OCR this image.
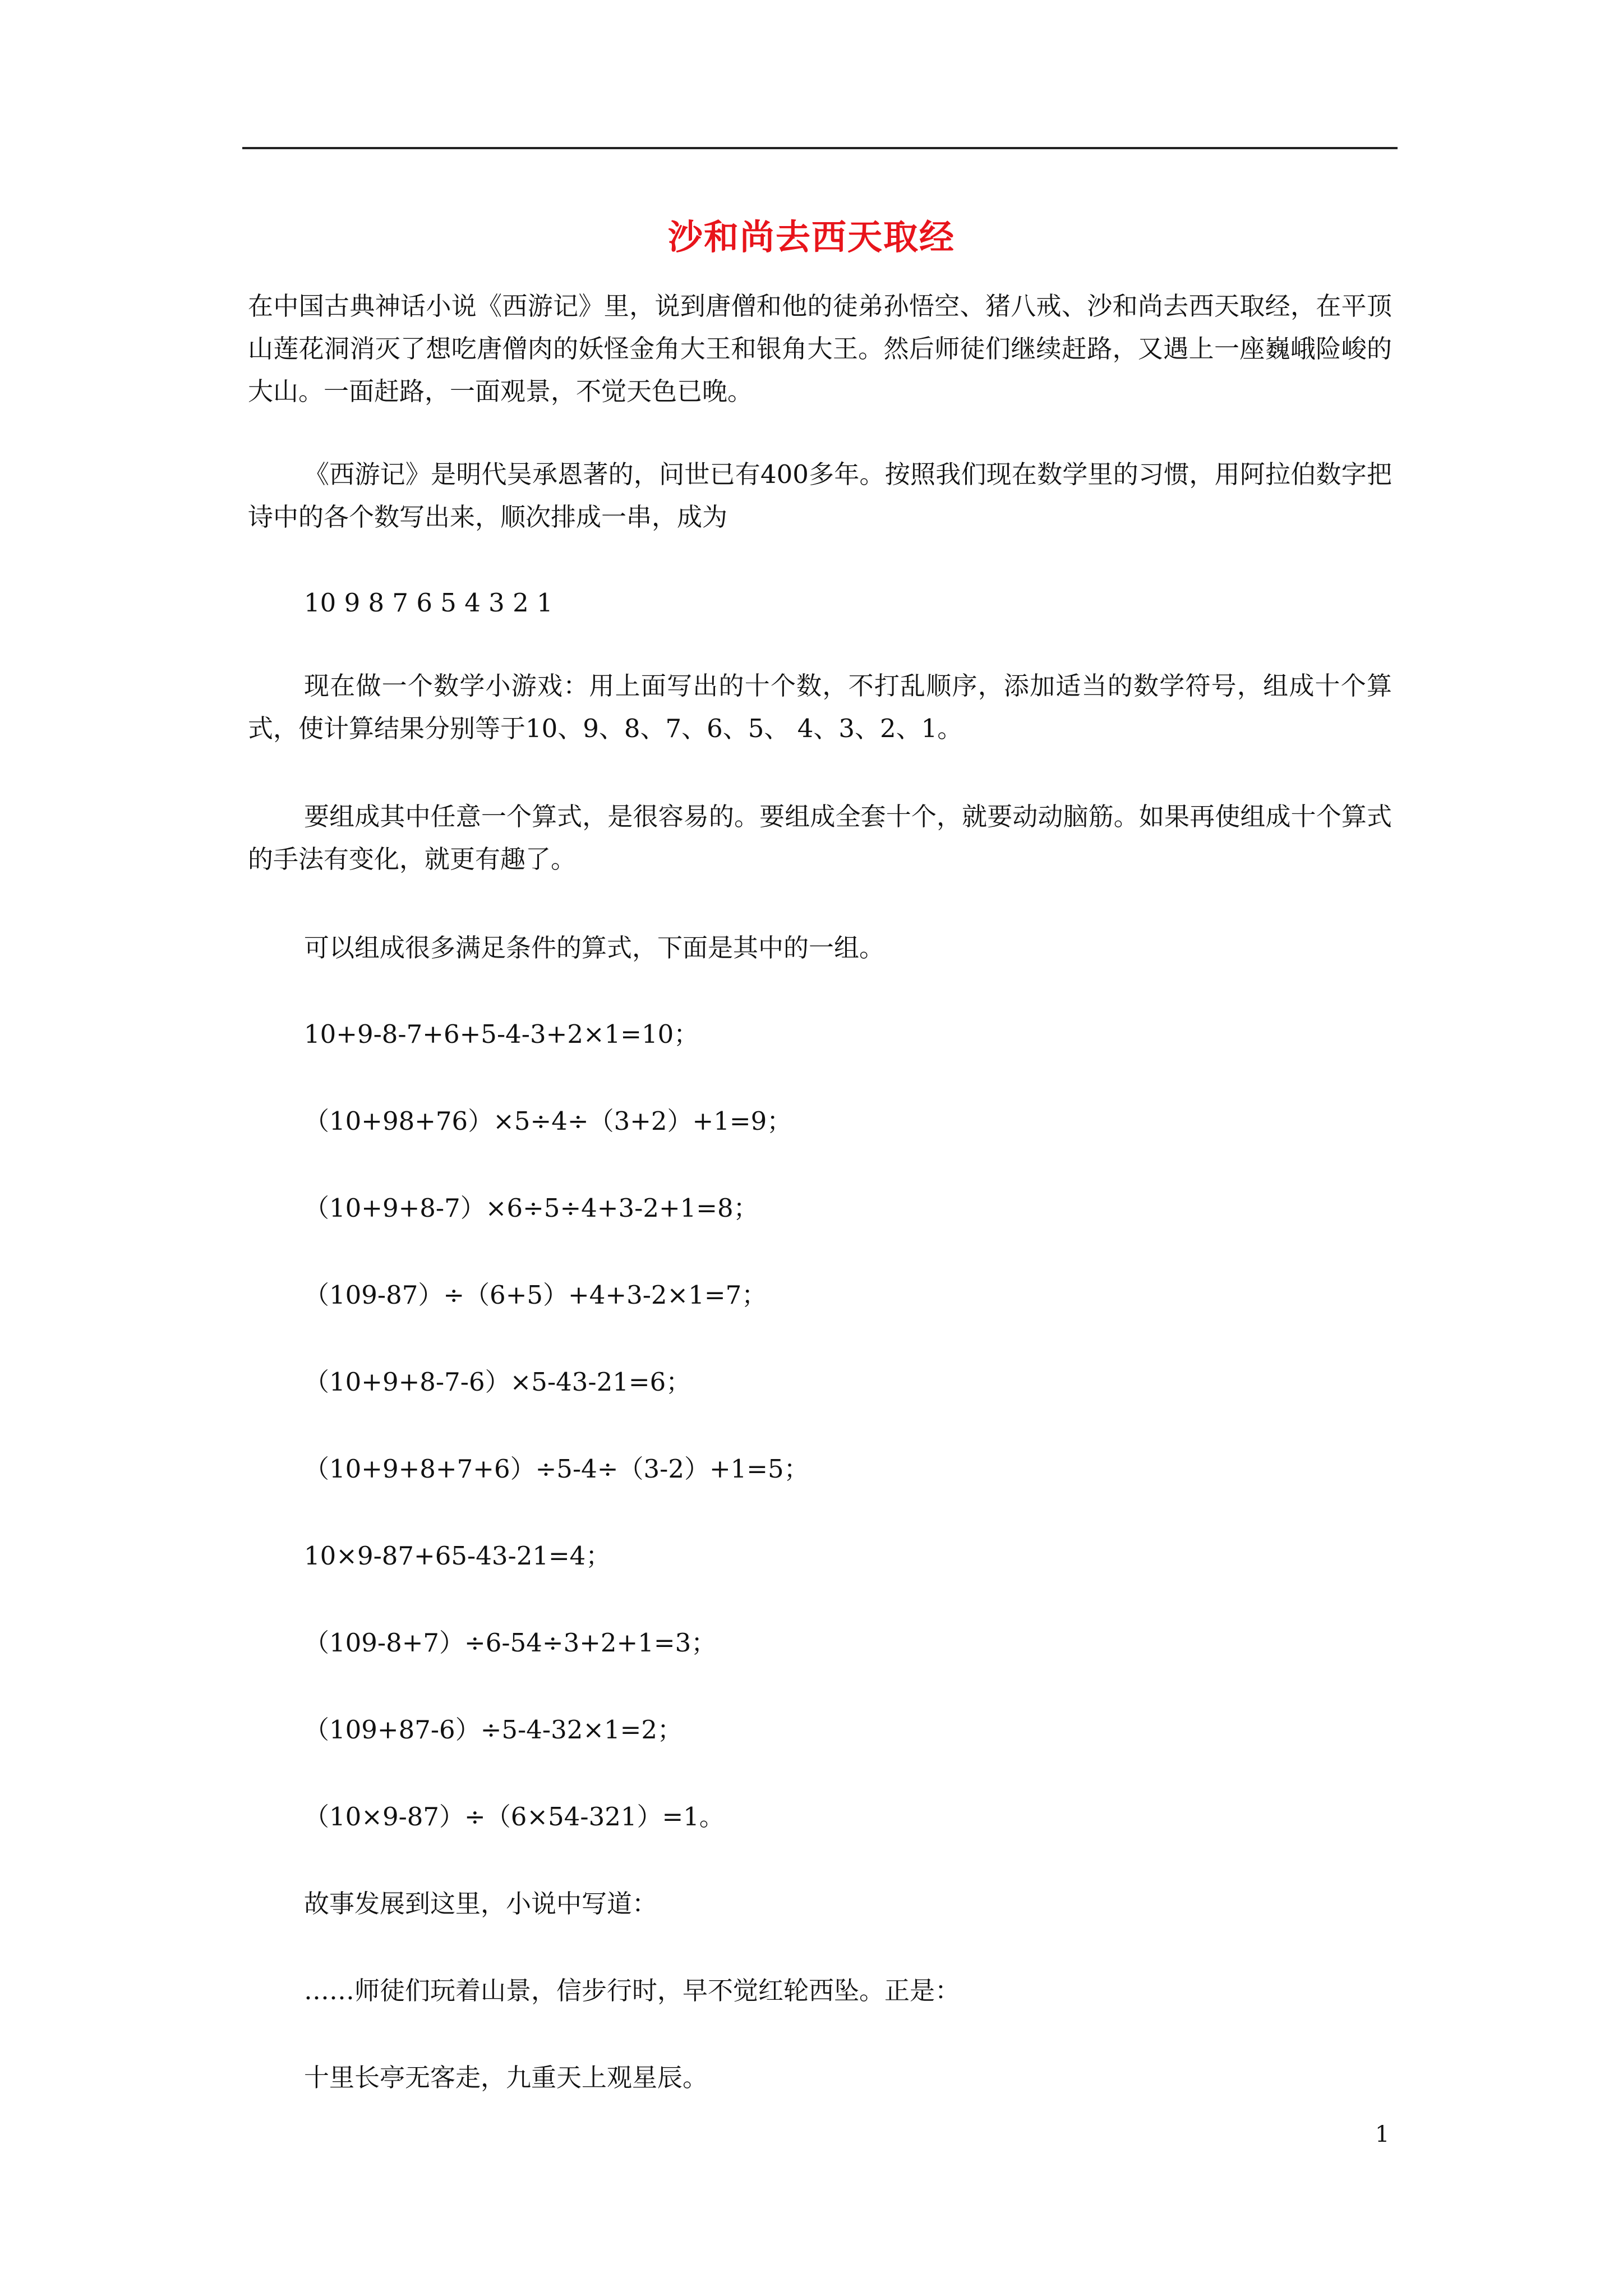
沙和尚去西天取经

在中国古典神话小说《西游记》里，说到唐僧和他的徒弟孙悟空、猪八戒、沙和尚去西天取经，在平顶山莲花洞消灭了想吃唐僧肉的妖怪金角大王和银角大王。然后师徒们继续赶路，又遇上一座巍峨险峻的大山。一面赶路，一面观景，不觉天色已晚。

《西游记》是明代吴承恩著的，问世已有400多年。按照我们现在数学里的习惯，用阿拉伯数字把诗中的各个数写出来，顺次排成一串，成为

10 9 8 7 6 5 4 3 2 1

现在做一个数学小游戏：用上面写出的十个数，不打乱顺序，添加适当的数学符号，组成十个算式，使计算结果分别等于10、9、8、7、6、5、 4、3、2、1。

要组成其中任意一个算式，是很容易的。要组成全套十个，就要动动脑筋。如果再使组成十个算式的手法有变化，就更有趣了。

可以组成很多满足条件的算式，下面是其中的一组。

10+9-8-7+6+5-4-3+2×1=10；

（10+98+76）×5÷4÷（3+2）+1=9；

（10+9+8-7）×6÷5÷4+3-2+1=8；

（109-87）÷（6+5）+4+3-2×1=7；

（10+9+8-7-6）×5-43-21=6；

（10+9+8+7+6）÷5-4÷（3-2）+1=5；

10×9-87+65-43-21=4；

（109-8+7）÷6-54÷3+2+1=3；

（109+87-6）÷5-4-32×1=2；

（10×9-87）÷（6×54-321）=1。

故事发展到这里，小说中写道：

……师徒们玩着山景，信步行时，早不觉红轮西坠。正是：

十里长亭无客走，九重天上观星辰。

1
